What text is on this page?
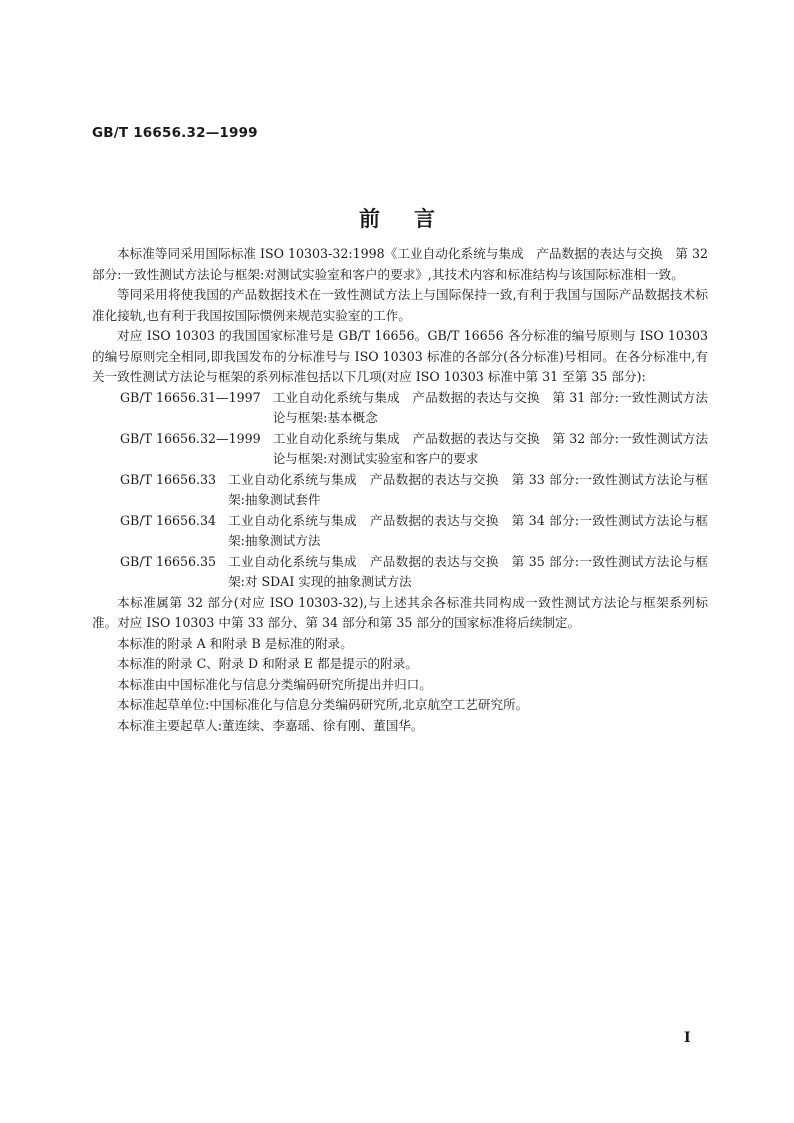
GB/T 16656.32—1999
前言

本标准等同采用国际标准 ISO 10303-32:1998《工业自动化系统与集成　产品数据的表达与交换　第 32 部分:一致性测试方法论与框架:对测试实验室和客户的要求》,其技术内容和标准结构与该国际标准相一致。

等同采用将使我国的产品数据技术在一致性测试方法上与国际保持一致,有利于我国与国际产品数据技术标准化接轨,也有利于我国按国际惯例来规范实验室的工作。

对应 ISO 10303 的我国国家标准号是 GB/T 16656。GB/T 16656 各分标准的编号原则与 ISO 10303 的编号原则完全相同,即我国发布的分标准号与 ISO 10303 标准的各部分(各分标准)号相同。在各分标准中,有关一致性测试方法论与框架的系列标准包括以下几项(对应 ISO 10303 标准中第 31 至第 35 部分):

GB/T 16656.31—1997 工业自动化系统与集成　产品数据的表达与交换　第 31 部分:一致性测试方法论与框架:基本概念
GB/T 16656.32—1999 工业自动化系统与集成　产品数据的表达与交换　第 32 部分:一致性测试方法论与框架:对测试实验室和客户的要求
GB/T 16656.33 工业自动化系统与集成　产品数据的表达与交换　第 33 部分:一致性测试方法论与框架:抽象测试套件
GB/T 16656.34 工业自动化系统与集成　产品数据的表达与交换　第 34 部分:一致性测试方法论与框架:抽象测试方法
GB/T 16656.35 工业自动化系统与集成　产品数据的表达与交换　第 35 部分:一致性测试方法论与框架:对 SDAI 实现的抽象测试方法

本标准属第 32 部分(对应 ISO 10303-32),与上述其余各标准共同构成一致性测试方法论与框架系列标准。对应 ISO 10303 中第 33 部分、第 34 部分和第 35 部分的国家标准将后续制定。

本标准的附录 A 和附录 B 是标准的附录。

本标准的附录 C、附录 D 和附录 E 都是提示的附录。

本标准由中国标准化与信息分类编码研究所提出并归口。

本标准起草单位:中国标准化与信息分类编码研究所,北京航空工艺研究所。

本标准主要起草人:董连续、李嘉瑶、徐有刚、董国华。

Ⅰ
